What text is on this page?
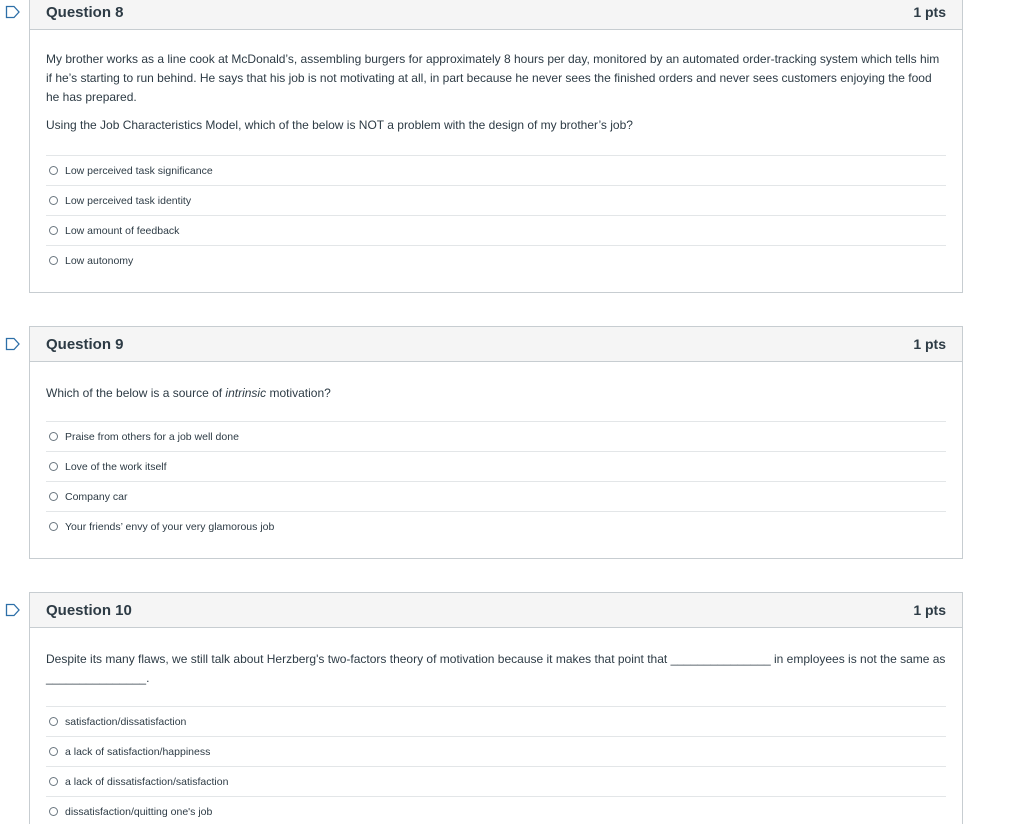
Question 8	1 pts

My brother works as a line cook at McDonald’s, assembling burgers for approximately 8 hours per day, monitored by an automated order-tracking system which tells him if he’s starting to run behind. He says that his job is not motivating at all, in part because he never sees the finished orders and never sees customers enjoying the food he has prepared.

Using the Job Characteristics Model, which of the below is NOT a problem with the design of my brother’s job?

Low perceived task significance
Low perceived task identity
Low amount of feedback
Low autonomy
Question 9	1 pts

Which of the below is a source of intrinsic motivation?

Praise from others for a job well done
Love of the work itself
Company car
Your friends’ envy of your very glamorous job
Question 10	1 pts

Despite its many flaws, we still talk about Herzberg's two-factors theory of motivation because it makes that point that _______________ in employees is not the same as _______________.

satisfaction/dissatisfaction
a lack of satisfaction/happiness
a lack of dissatisfaction/satisfaction
dissatisfaction/quitting one's job
